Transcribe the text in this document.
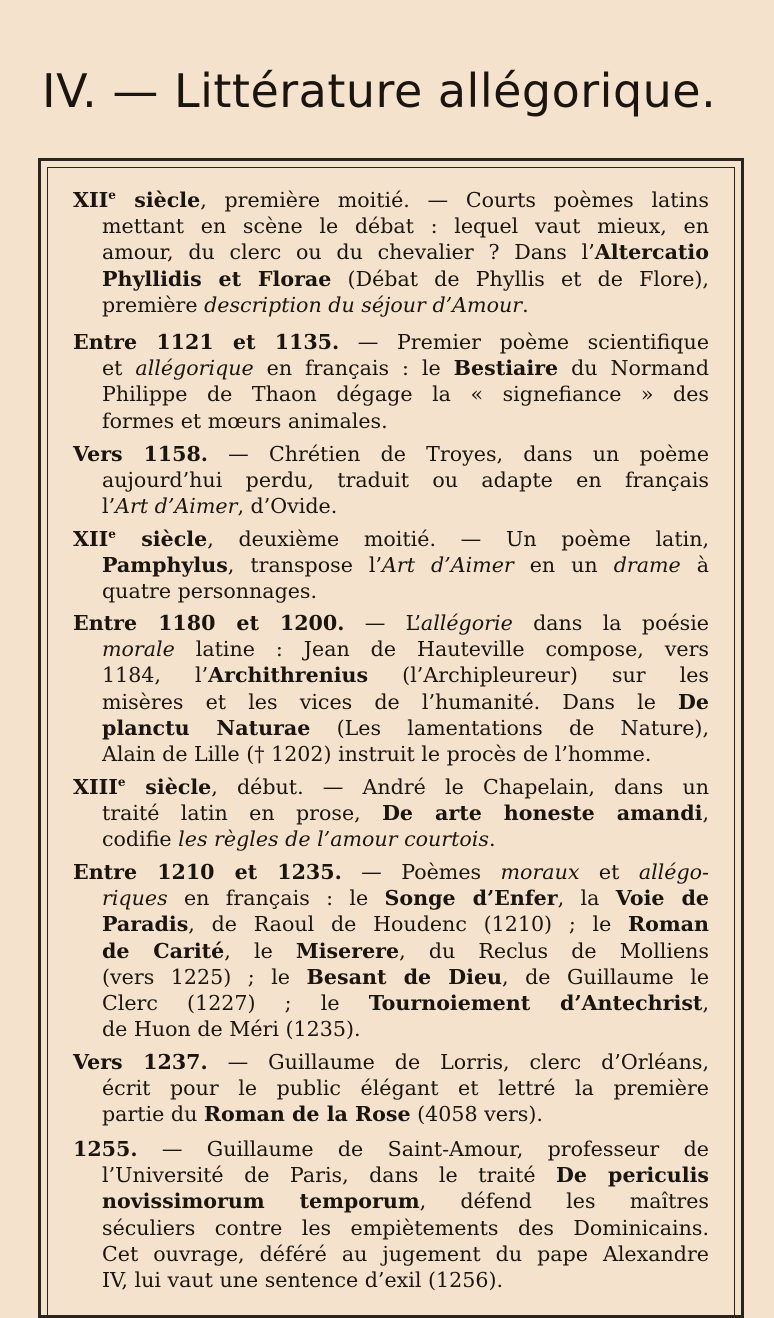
IV. — Littérature allégorique.
XIIe siècle, première moitié. — Courts poèmes latins
mettant en scène le débat : lequel vaut mieux, en
amour, du clerc ou du chevalier ? Dans l’Altercatio
Phyllidis et Florae (Débat de Phyllis et de Flore),
première description du séjour d’Amour.
Entre 1121 et 1135. — Premier poème scientifique
et allégorique en français : le Bestiaire du Normand
Philippe de Thaon dégage la « signefiance » des
formes et mœurs animales.
Vers 1158. — Chrétien de Troyes, dans un poème
aujourd’hui perdu, traduit ou adapte en français
l’Art d’Aimer, d’Ovide.
XIIe siècle, deuxième moitié. — Un poème latin,
Pamphylus, transpose l’Art d’Aimer en un drame à
quatre personnages.
Entre 1180 et 1200. — L’allégorie dans la poésie
morale latine : Jean de Hauteville compose, vers
1184, l’Archithrenius (l’Archipleureur) sur les
misères et les vices de l’humanité. Dans le De
planctu Naturae (Les lamentations de Nature),
Alain de Lille († 1202) instruit le procès de l’homme.
XIIIe siècle, début. — André le Chapelain, dans un
traité latin en prose, De arte honeste amandi,
codifie les règles de l’amour courtois.
Entre 1210 et 1235. — Poèmes moraux et allégo-
riques en français : le Songe d’Enfer, la Voie de
Paradis, de Raoul de Houdenc (1210) ; le Roman
de Carité, le Miserere, du Reclus de Molliens
(vers 1225) ; le Besant de Dieu, de Guillaume le
Clerc (1227) ; le Tournoiement d’Antechrist,
de Huon de Méri (1235).
Vers 1237. — Guillaume de Lorris, clerc d’Orléans,
écrit pour le public élégant et lettré la première
partie du Roman de la Rose (4058 vers).
1255. — Guillaume de Saint-Amour, professeur de
l’Université de Paris, dans le traité De periculis
novissimorum temporum, défend les maîtres
séculiers contre les empiètements des Dominicains.
Cet ouvrage, déféré au jugement du pape Alexandre
IV, lui vaut une sentence d’exil (1256).
